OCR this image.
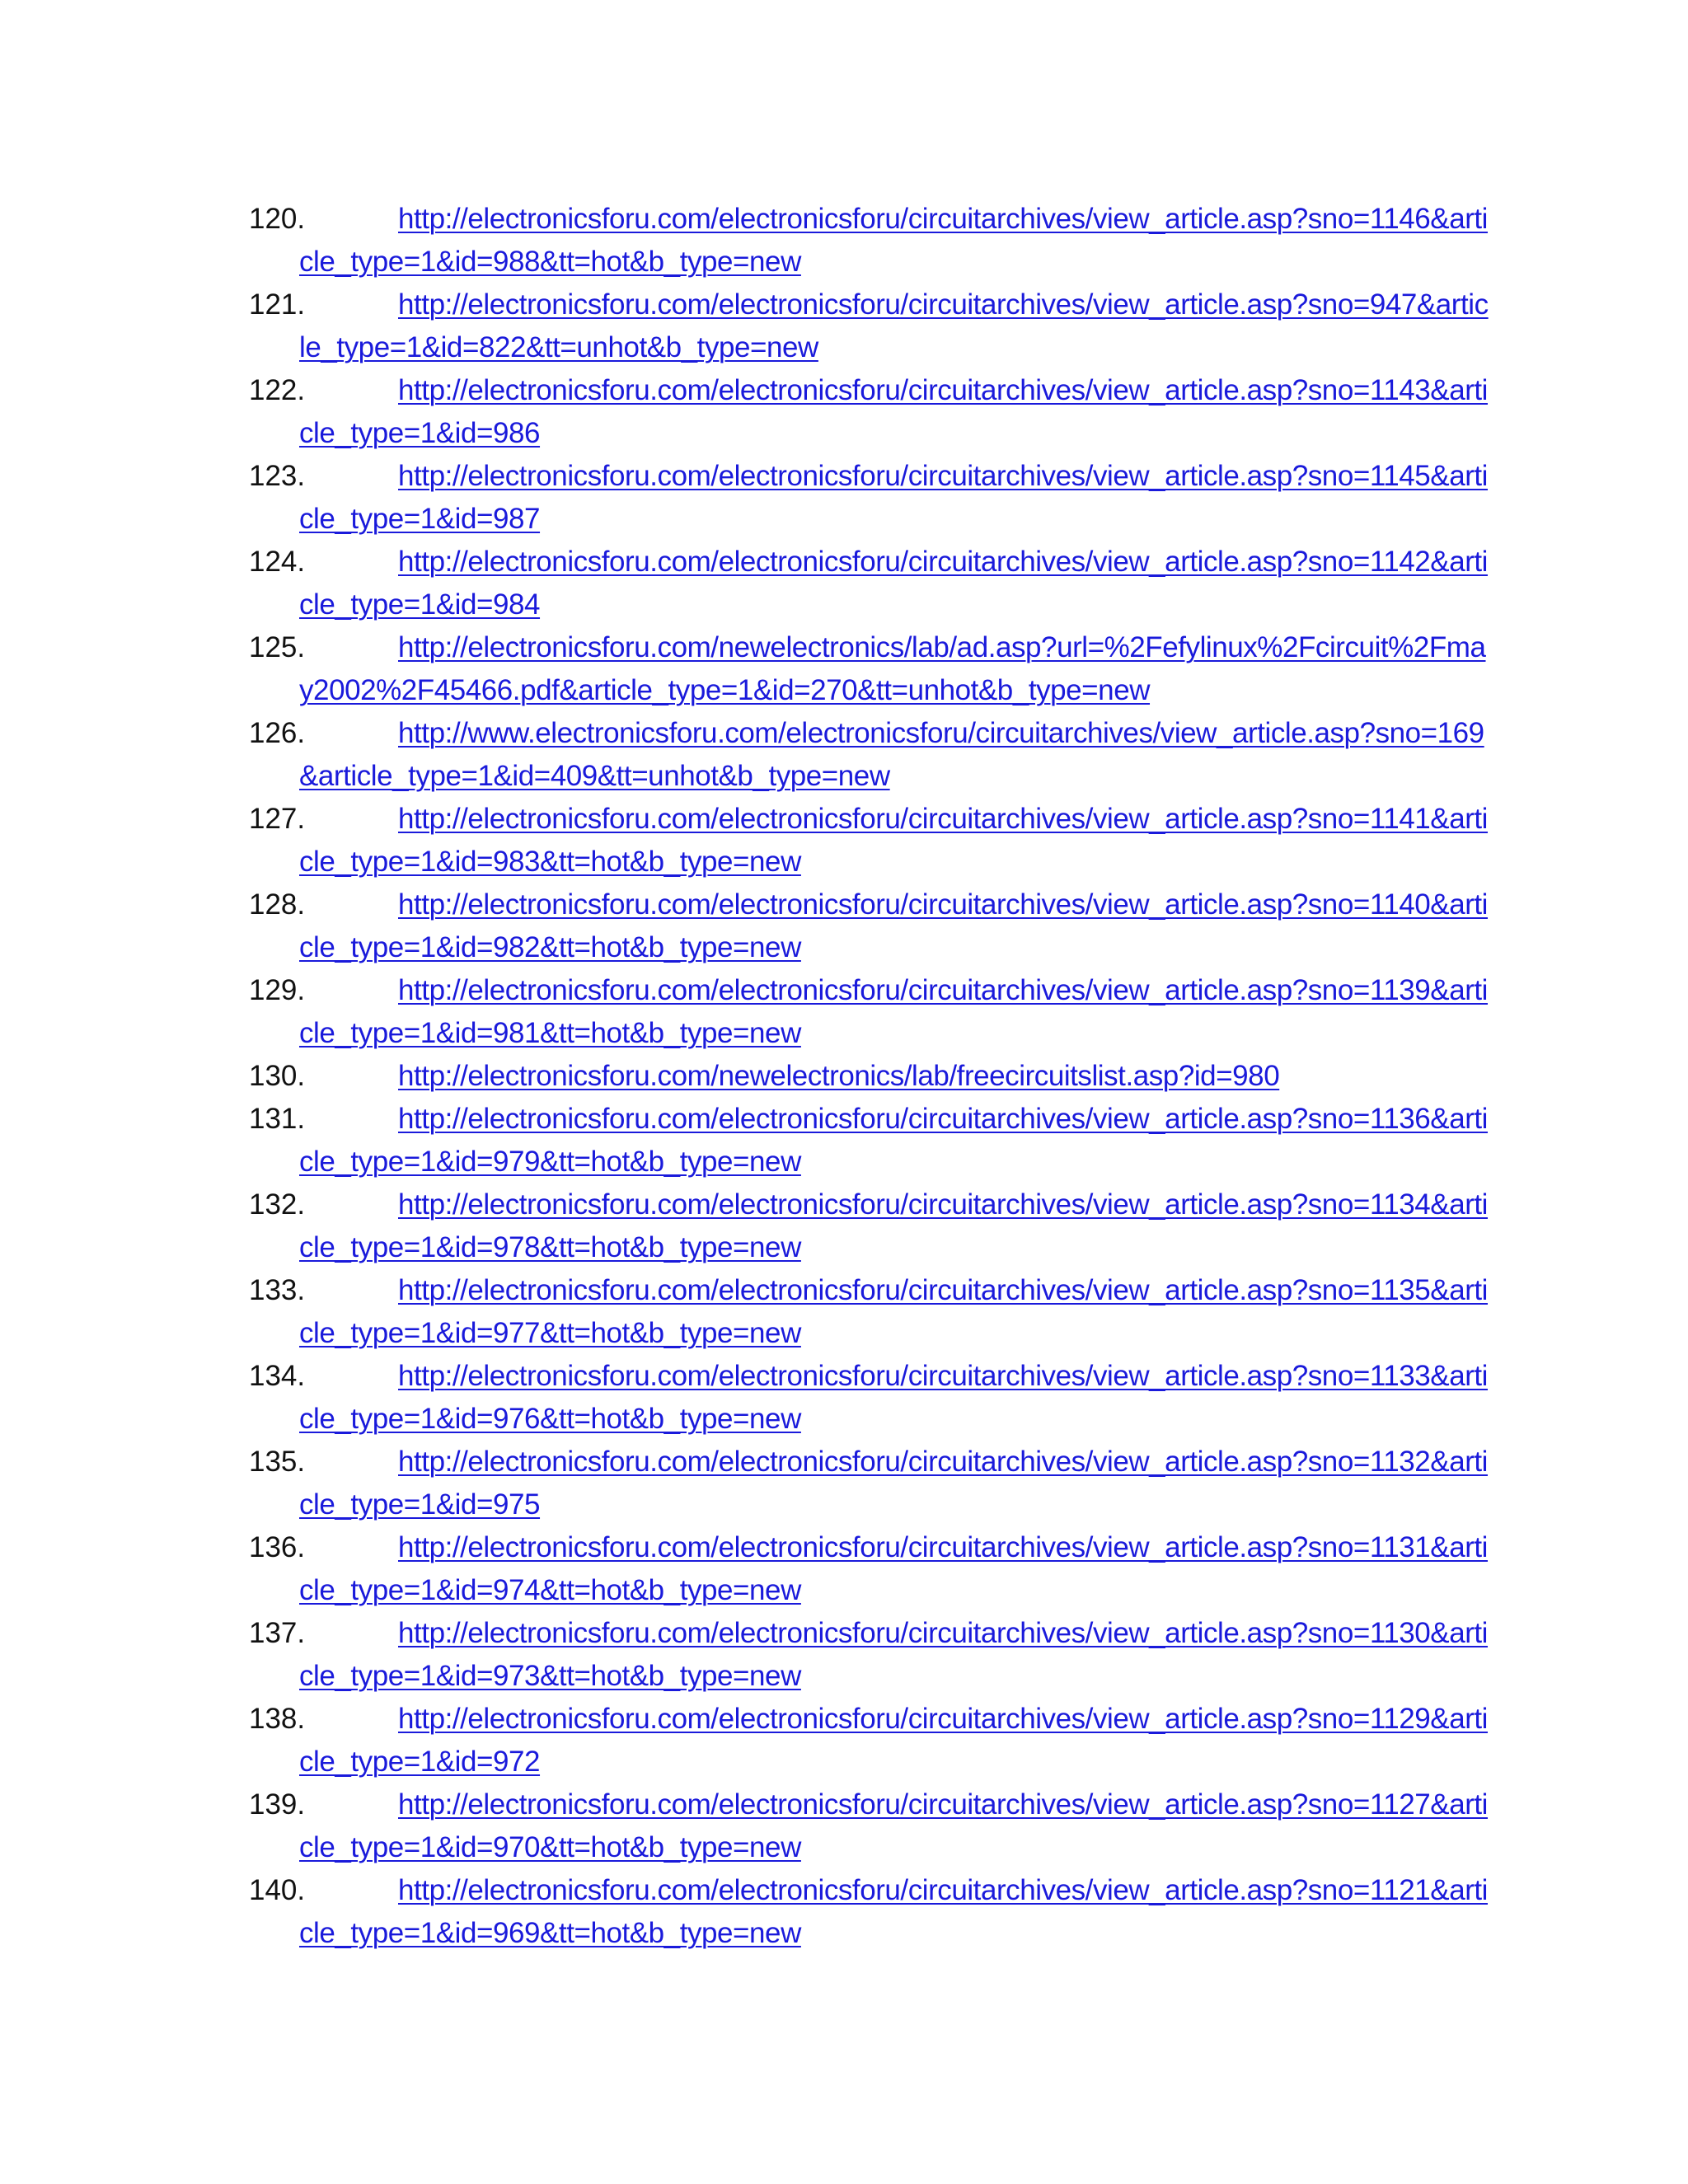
120.	http://electronicsforu.com/electronicsforu/circuitarchives/view_article.asp?sno=1146&article_type=1&id=988&tt=hot&b_type=new
121.	http://electronicsforu.com/electronicsforu/circuitarchives/view_article.asp?sno=947&article_type=1&id=822&tt=unhot&b_type=new
122.	http://electronicsforu.com/electronicsforu/circuitarchives/view_article.asp?sno=1143&article_type=1&id=986
123.	http://electronicsforu.com/electronicsforu/circuitarchives/view_article.asp?sno=1145&article_type=1&id=987
124.	http://electronicsforu.com/electronicsforu/circuitarchives/view_article.asp?sno=1142&article_type=1&id=984
125.	http://electronicsforu.com/newelectronics/lab/ad.asp?url=%2Fefylinux%2Fcircuit%2Fmay2002%2F45466.pdf&article_type=1&id=270&tt=unhot&b_type=new
126.	http://www.electronicsforu.com/electronicsforu/circuitarchives/view_article.asp?sno=169&article_type=1&id=409&tt=unhot&b_type=new
127.	http://electronicsforu.com/electronicsforu/circuitarchives/view_article.asp?sno=1141&article_type=1&id=983&tt=hot&b_type=new
128.	http://electronicsforu.com/electronicsforu/circuitarchives/view_article.asp?sno=1140&article_type=1&id=982&tt=hot&b_type=new
129.	http://electronicsforu.com/electronicsforu/circuitarchives/view_article.asp?sno=1139&article_type=1&id=981&tt=hot&b_type=new
130.	http://electronicsforu.com/newelectronics/lab/freecircuitslist.asp?id=980
131.	http://electronicsforu.com/electronicsforu/circuitarchives/view_article.asp?sno=1136&article_type=1&id=979&tt=hot&b_type=new
132.	http://electronicsforu.com/electronicsforu/circuitarchives/view_article.asp?sno=1134&article_type=1&id=978&tt=hot&b_type=new
133.	http://electronicsforu.com/electronicsforu/circuitarchives/view_article.asp?sno=1135&article_type=1&id=977&tt=hot&b_type=new
134.	http://electronicsforu.com/electronicsforu/circuitarchives/view_article.asp?sno=1133&article_type=1&id=976&tt=hot&b_type=new
135.	http://electronicsforu.com/electronicsforu/circuitarchives/view_article.asp?sno=1132&article_type=1&id=975
136.	http://electronicsforu.com/electronicsforu/circuitarchives/view_article.asp?sno=1131&article_type=1&id=974&tt=hot&b_type=new
137.	http://electronicsforu.com/electronicsforu/circuitarchives/view_article.asp?sno=1130&article_type=1&id=973&tt=hot&b_type=new
138.	http://electronicsforu.com/electronicsforu/circuitarchives/view_article.asp?sno=1129&article_type=1&id=972
139.	http://electronicsforu.com/electronicsforu/circuitarchives/view_article.asp?sno=1127&article_type=1&id=970&tt=hot&b_type=new
140.	http://electronicsforu.com/electronicsforu/circuitarchives/view_article.asp?sno=1121&article_type=1&id=969&tt=hot&b_type=new
